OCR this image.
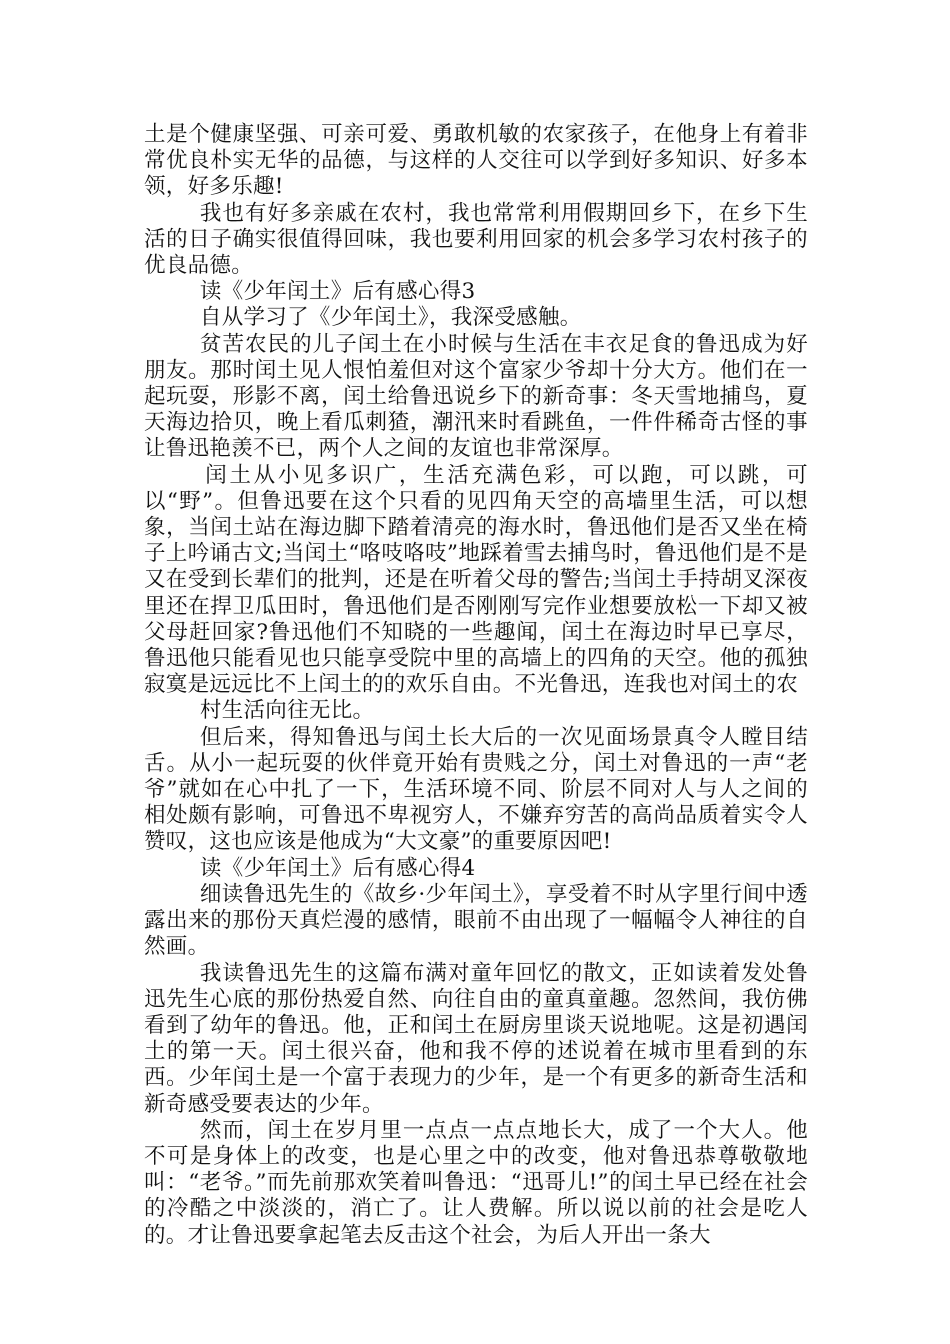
土是个健康坚强、可亲可爱、勇敢机敏的农家孩子，在他身上有着非常优良朴实无华的品德，与这样的人交往可以学到好多知识、好多本领，好多乐趣!

我也有好多亲戚在农村，我也常常利用假期回乡下，在乡下生活的日子确实很值得回味，我也要利用回家的机会多学习农村孩子的优良品德。

读《少年闰土》后有感心得3

自从学习了《少年闰土》，我深受感触。

贫苦农民的儿子闰土在小时候与生活在丰衣足食的鲁迅成为好朋友。那时闰土见人恨怕羞但对这个富家少爷却十分大方。他们在一起玩耍，形影不离，闰土给鲁迅说乡下的新奇事：冬天雪地捕鸟，夏天海边拾贝，晚上看瓜刺猹，潮汛来时看跳鱼，一件件稀奇古怪的事让鲁迅艳羡不已，两个人之间的友谊也非常深厚。

闰土从小见多识广，生活充满色彩，可以跑，可以跳，可以“野”。但鲁迅要在这个只看的见四角天空的高墙里生活，可以想象，当闰土站在海边脚下踏着清亮的海水时，鲁迅他们是否又坐在椅子上吟诵古文;当闰土“咯吱咯吱”地踩着雪去捕鸟时，鲁迅他们是不是又在受到长辈们的批判，还是在听着父母的警告;当闰土手持胡叉深夜里还在捍卫瓜田时，鲁迅他们是否刚刚写完作业想要放松一下却又被父母赶回家?鲁迅他们不知晓的一些趣闻，闰土在海边时早已享尽，鲁迅他只能看见也只能享受院中里的高墙上的四角的天空。他的孤独寂寞是远远比不上闰土的的欢乐自由。不光鲁迅，连我也对闰土的农

村生活向往无比。

但后来，得知鲁迅与闰土长大后的一次见面场景真令人瞠目结舌。从小一起玩耍的伙伴竟开始有贵贱之分，闰土对鲁迅的一声“老爷”就如在心中扎了一下，生活环境不同、阶层不同对人与人之间的相处颇有影响，可鲁迅不卑视穷人，不嫌弃穷苦的高尚品质着实令人赞叹，这也应该是他成为“大文豪”的重要原因吧!

读《少年闰土》后有感心得4

细读鲁迅先生的《故乡·少年闰土》，享受着不时从字里行间中透露出来的那份天真烂漫的感情，眼前不由出现了一幅幅令人神往的自然画。

我读鲁迅先生的这篇布满对童年回忆的散文，正如读着发处鲁迅先生心底的那份热爱自然、向往自由的童真童趣。忽然间，我仿佛看到了幼年的鲁迅。他，正和闰土在厨房里谈天说地呢。这是初遇闰土的第一天。闰土很兴奋，他和我不停的述说着在城市里看到的东西。少年闰土是一个富于表现力的少年，是一个有更多的新奇生活和新奇感受要表达的少年。

然而，闰土在岁月里一点点一点点地长大，成了一个大人。他不可是身体上的改变，也是心里之中的改变，他对鲁迅恭尊敬敬地叫：“老爷。”而先前那欢笑着叫鲁迅：“迅哥儿!”的闰土早已经在社会的冷酷之中淡淡的，消亡了。让人费解。所以说以前的社会是吃人的。才让鲁迅要拿起笔去反击这个社会，为后人开出一条大
